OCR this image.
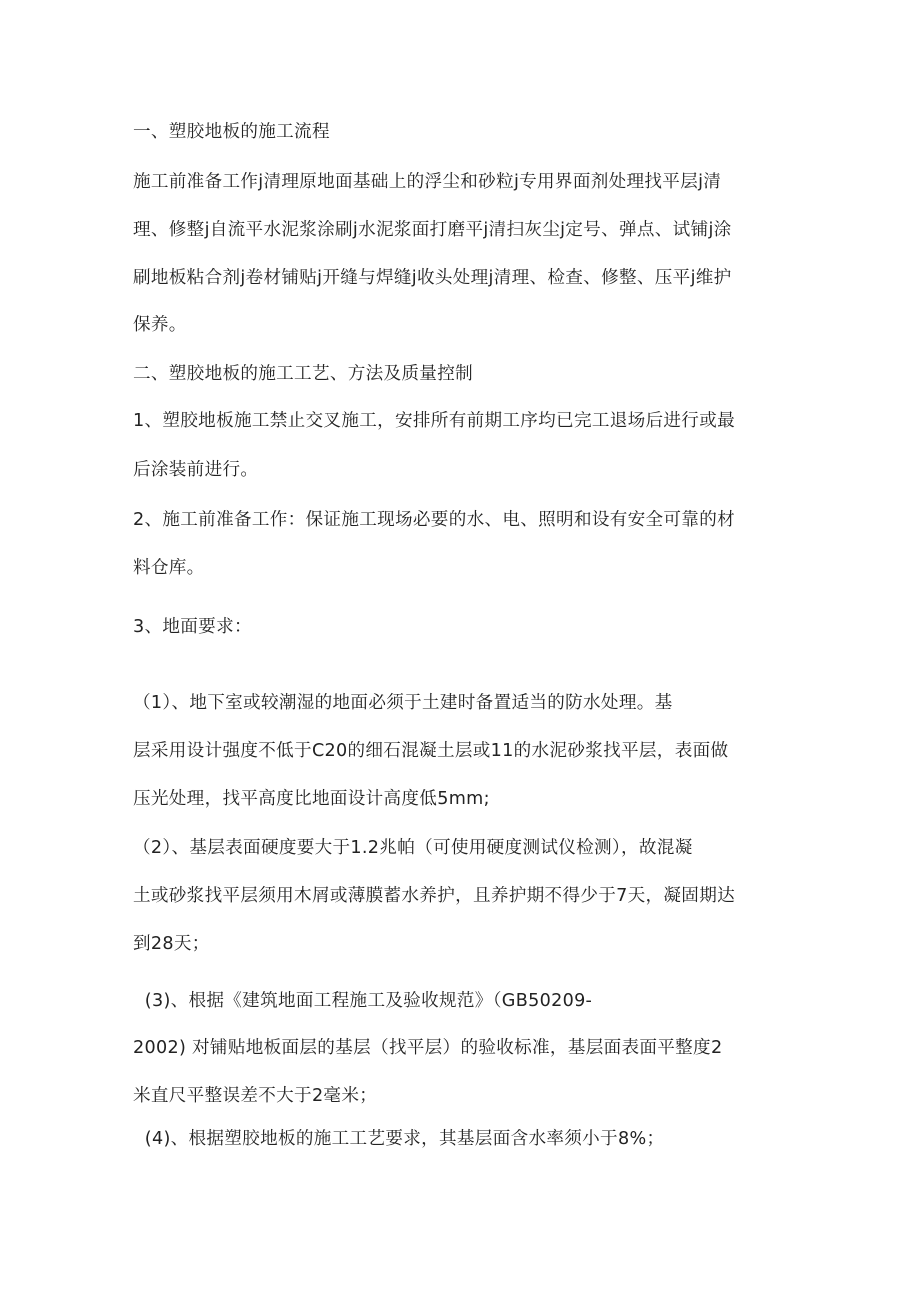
一、塑胶地板的施工流程
施工前准备工作j清理原地面基础上的浮尘和砂粒j专用界面剂处理找平层j清
理、修整j自流平水泥浆涂刷j水泥浆面打磨平j清扫灰尘j定号、弹点、试铺j涂
刷地板粘合剂j卷材铺贴j开缝与焊缝j收头处理j清理、检查、修整、压平j维护
保养。
二、塑胶地板的施工工艺、方法及质量控制
1、塑胶地板施工禁止交叉施工，安排所有前期工序均已完工退场后进行或最
后涂装前进行。
2、施工前准备工作：保证施工现场必要的水、电、照明和设有安全可靠的材
料仓库。
3、地面要求：
（1）、地下室或较潮湿的地面必须于土建时备置适当的防水处理。基
层采用设计强度不低于C20的细石混凝土层或11的水泥砂浆找平层，表面做
压光处理，找平高度比地面设计高度低5mm;
（2）、基层表面硬度要大于1.2兆帕（可使用硬度测试仪检测），故混凝
土或砂浆找平层须用木屑或薄膜蓄水养护，且养护期不得少于7天，凝固期达
到28天；
(3)、根据《建筑地面工程施工及验收规范》（GB50209-
2002) 对铺贴地板面层的基层（找平层）的验收标准，基层面表面平整度2
米直尺平整误差不大于2毫米；
(4)、根据塑胶地板的施工工艺要求，其基层面含水率须小于8%；
